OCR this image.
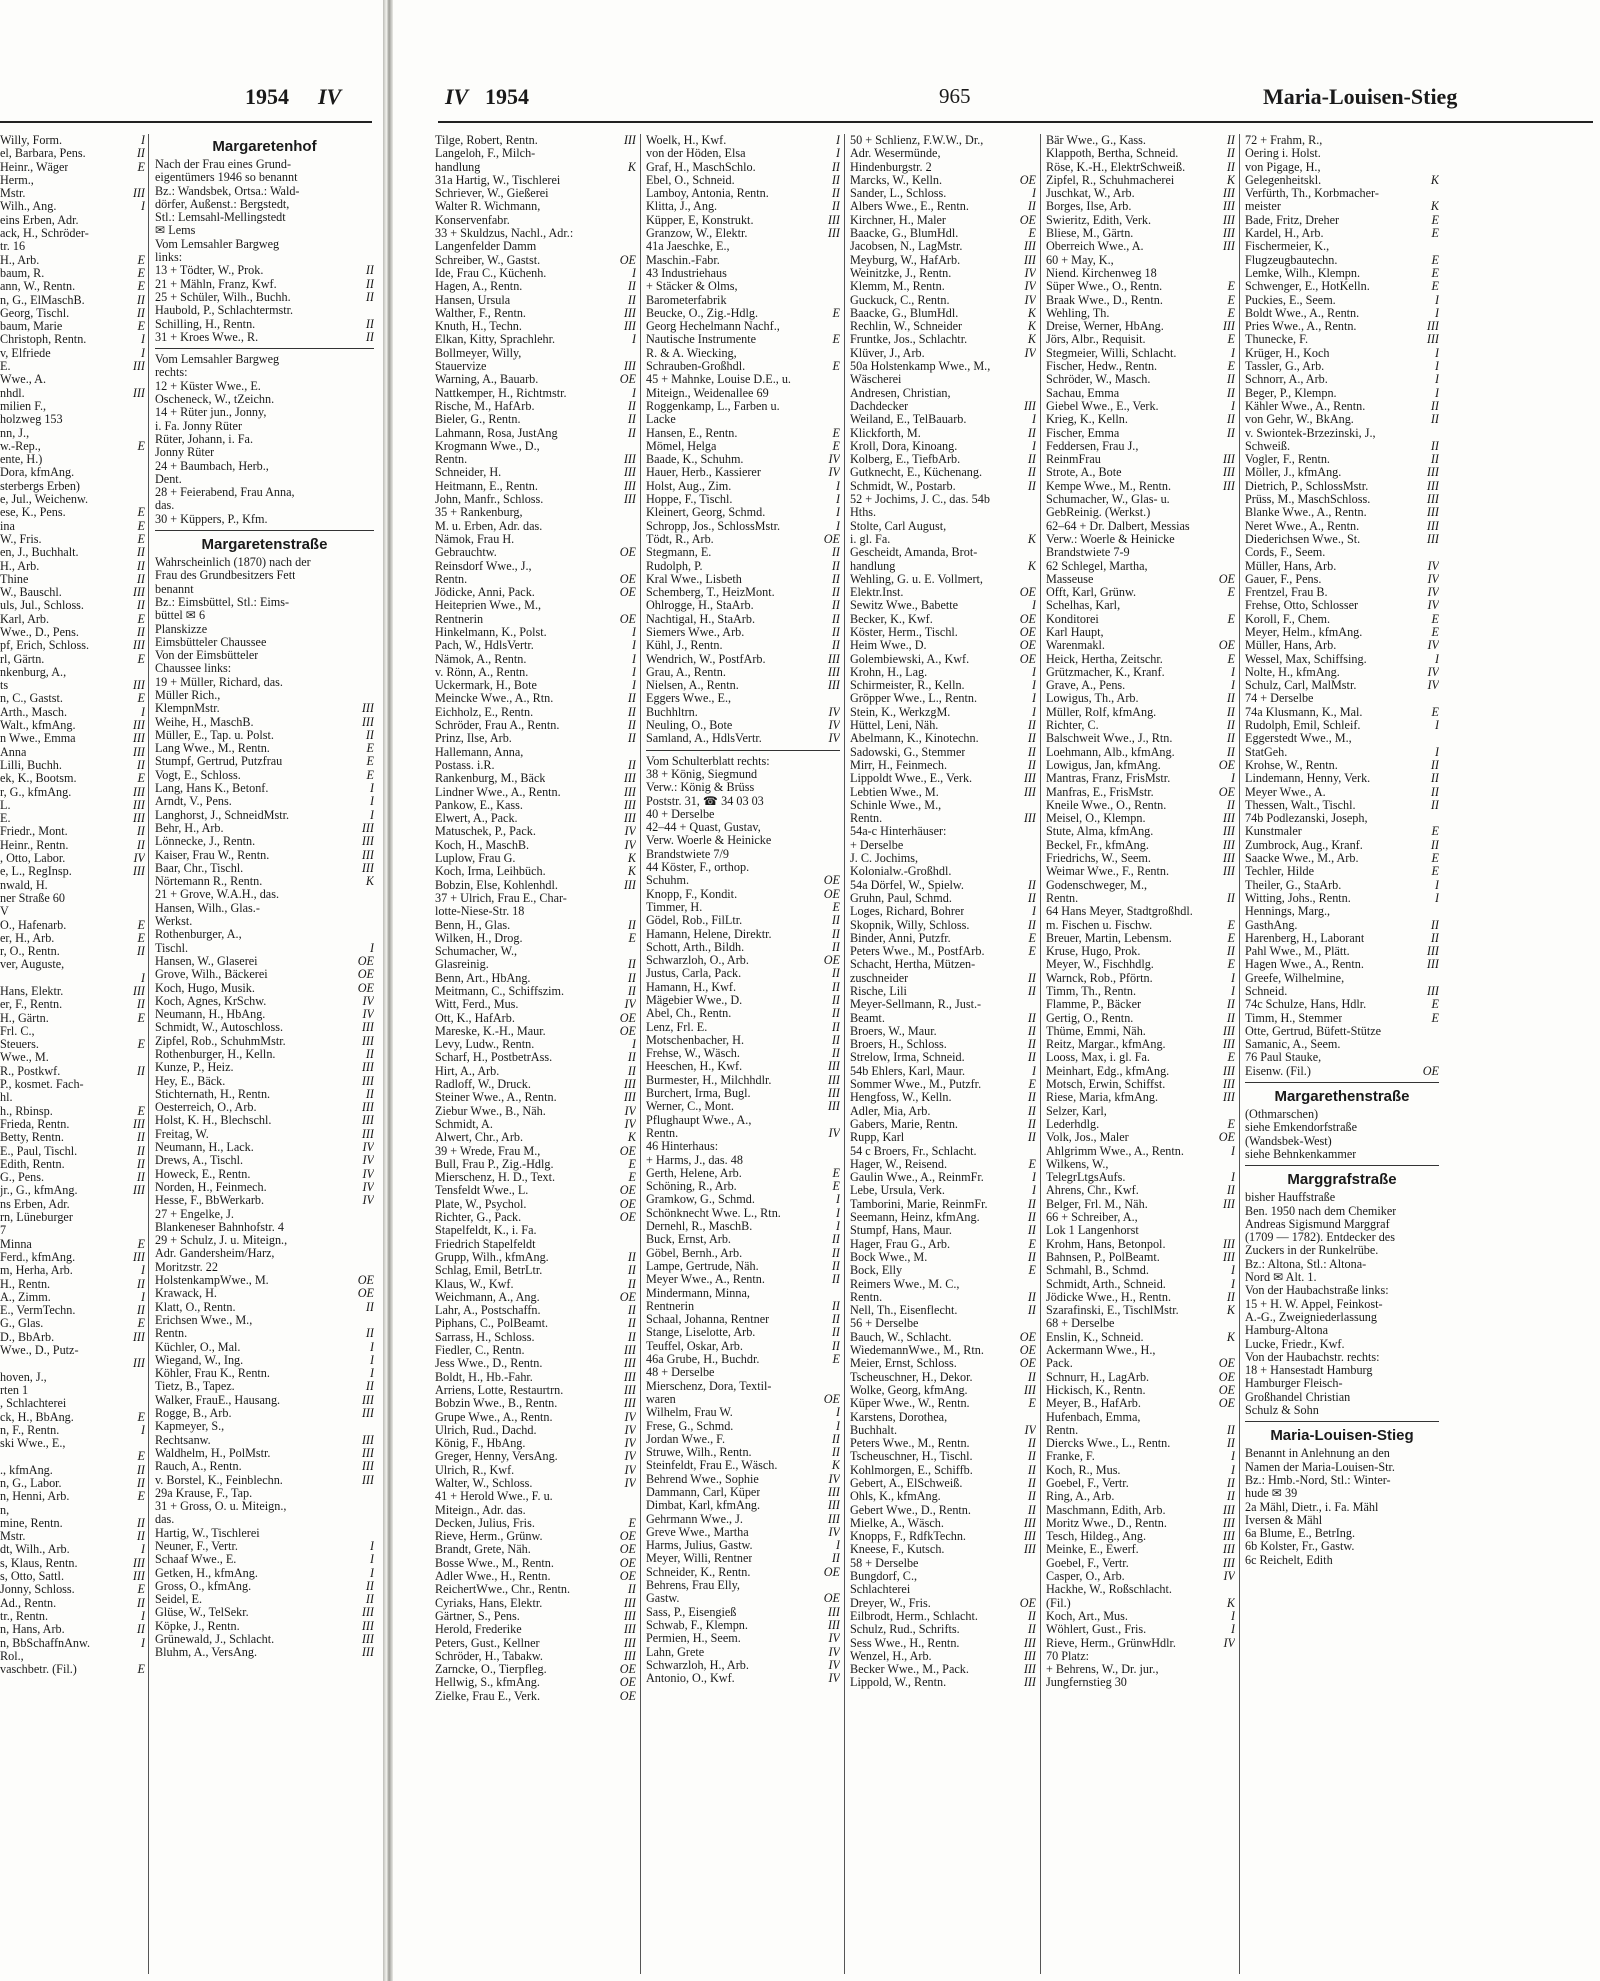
1954 IV
Willy, Form.	I
el, Barbara, Pens.	II
Heinr., Wäger	E
Herm.,
Mstr.	III
Wilh., Ang.	I
eins Erben, Adr.
ack, H., Schröder-
tr. 16
H., Arb.	E
baum, R.	E
ann, W., Rentn.	E
n, G., ElMaschB.	II
Georg, Tischl.	II
baum, Marie	E
Christoph, Rentn.	I
v, Elfriede	I
E.	III
Wwe., A.
nhdl.	III
milien F.,
holzweg 153
nn, J.,
w.-Rep.,	E
ente, H.)
Dora, kfmAng.
sterbergs Erben)
e, Jul., Weichenw.
ese, K., Pens.	E
ina	E
W., Fris.	E
en, J., Buchhalt.	II
H., Arb.	II
Thine	II
W., Bauschl.	III
uls, Jul., Schloss.	II
Karl, Arb.	E
Wwe., D., Pens.	II
pf, Erich, Schloss.	III
rl, Gärtn.	E
nkenburg, A.,
ts	III
n, C., Gastst.	E
Arth., Masch.	I
Walt., kfmAng.	III
n Wwe., Emma	III
Anna	III
Lilli, Buchh.	II
ek, K., Bootsm.	E
r, G., kfmAng.	III
L.	III
E.	III
Friedr., Mont.	II
Heinr., Rentn.	II
, Otto, Labor.	IV
e, L., RegInsp.	III
nwald, H.
ner Straße 60
V
O., Hafenarb.	E
er, H., Arb.	E
r, O., Rentn.	II
ver, Auguste,
I
Hans, Elektr.	III
er, F., Rentn.	II
H., Gärtn.	E
Frl. C.,
Steuers.	E
Wwe., M.
R., Postkwf.	II
P., kosmet. Fach-
hl.
h., Rbinsp.	E
Frieda, Rentn.	III
Betty, Rentn.	II
E., Paul, Tischl.	II
Edith, Rentn.	II
G., Pens.	II
jr., G., kfmAng.	III
ns Erben, Adr.
rn, Lüneburger
7
Minna	E
Ferd., kfmAng.	III
m, Herha, Arb.	I
H., Rentn.	II
A., Zimm.	I
E., VermTechn.	II
G., Glas.	E
D., BbArb.	III
Wwe., D., Putz-
III
hoven, J.,
rten 1
, Schlachterei
ck, H., BbAng.	E
n, F., Rentn.	I
ski Wwe., E.,
E
., kfmAng.	II
n, G., Labor.	II
n, Henni, Arb.	E
n,
mine, Rentn.	II
Mstr.	II
dt, Wilh., Arb.	I
s, Klaus, Rentn.	III
s, Otto, Sattl.	III
Jonny, Schloss.	E
Ad., Rentn.	II
tr., Rentn.	I
n, Hans, Arb.	II
n, BbSchaffnAnw.	I
Rol.,
vaschbetr. (Fil.)	E
Margaretenhof
Nach der Frau eines Grund-
eigentümers 1946 so benannt
Bz.: Wandsbek, Ortsa.: Wald-
dörfer, Außenst.: Bergstedt,
Stl.: Lemsahl-Mellingstedt
✉ Lems
Vom Lemsahler Bargweg
links:
13 + Tödter, W., Prok.	II
21 + Mähln, Franz, Kwf.	II
25 + Schüler, Wilh., Buchh.	II
Haubold, P., Schlachtermstr.
Schilling, H., Rentn.	II
31 + Kroes Wwe., R.	II
Vom Lemsahler Bargweg
rechts:
12 + Küster Wwe., E.
Oscheneck, W., tZeichn.
14 + Rüter jun., Jonny,
i. Fa. Jonny Rüter
Rüter, Johann, i. Fa.
Jonny Rüter
24 + Baumbach, Herb.,
Dent.
28 + Feierabend, Frau Anna,
das.
30 + Küppers, P., Kfm.
Margaretenstraße
Wahrscheinlich (1870) nach der
Frau des Grundbesitzers Fett
benannt
Bz.: Eimsbüttel, Stl.: Eims-
büttel ✉ 6
Planskizze
Eimsbütteler Chaussee
Von der Eimsbütteler
Chaussee links:
19 + Müller, Richard, das.
Müller Rich.,
KlempnMstr.	III
Weihe, H., MaschB.	III
Müller, E., Tap. u. Polst.	II
Lang Wwe., M., Rentn.	E
Stumpf, Gertrud, Putzfrau	E
Vogt, E., Schloss.	E
Lang, Hans K., Betonf.	I
Arndt, V., Pens.	I
Langhorst, J., SchneidMstr.	I
Behr, H., Arb.	III
Lönnecke, J., Rentn.	III
Kaiser, Frau W., Rentn.	III
Baar, Chr., Tischl.	III
Nörtemann R., Rentn.	K
21 + Grove, W.A.H., das.
Hansen, Wilh., Glas.-
Werkst.
Rothenburger, A.,
Tischl.	I
Hansen, W., Glaserei	OE
Grove, Wilh., Bäckerei	OE
Koch, Hugo, Musik.	OE
Koch, Agnes, KrSchw.	IV
Neumann, H., HbAng.	IV
Schmidt, W., Autoschloss.	III
Zipfel, Rob., SchuhmMstr.	III
Rothenburger, H., Kelln.	II
Kunze, P., Heiz.	III
Hey, E., Bäck.	III
Stichternath, H., Rentn.	II
Oesterreich, O., Arb.	III
Holst, K. H., Blechschl.	III
Freitag, W.	III
Neumann, H., Lack.	IV
Drews, A., Tischl.	IV
Howeck, E., Rentn.	IV
Norden, H., Feinmech.	IV
Hesse, F., BbWerkarb.	IV
27 + Engelke, J.
Blankeneser Bahnhofstr. 4
29 + Schulz, J. u. Miteign.,
Adr. Gandersheim/Harz,
Moritzstr. 22
HolstenkampWwe., M.	OE
Krawack, H.	OE
Klatt, O., Rentn.	II
Erichsen Wwe., M.,
Rentn.	II
Küchler, O., Mal.	I
Wiegand, W., Ing.	I
Köhler, Frau K., Rentn.	I
Tietz, B., Tapez.	II
Walker, FrauE., Hausang.	III
Rogge, B., Arb.	III
Kapmeyer, S.,
Rechtsanw.	III
Waldhelm, H., PolMstr.	III
Rauch, A., Rentn.	III
v. Borstel, K., Feinblechn.	III
29a Krause, F., Tap.
31 + Gross, O. u. Miteign.,
das.
Hartig, W., Tischlerei
Neuner, F., Vertr.	I
Schaaf Wwe., E.	I
Getken, H., kfmAng.	I
Gross, O., kfmAng.	II
Seidel, E.	II
Glüse, W., TelSekr.	III
Köpke, J., Rentn.	III
Grünewald, J., Schlacht.	III
Bluhm, A., VersAng.	III
IV 1954	965	Maria-Louisen-Stieg
Tilge, Robert, Rentn.	III
Langeloh, F., Milch-
handlung	K
31a Hartig, W., Tischlerei
Schriever, W., Gießerei
Walter R. Wichmann,
Konservenfabr.
33 + Skuldzus, Nachl., Adr.:
Langenfelder Damm
Schreiber, W., Gastst.	OE
Ide, Frau C., Küchenh.	I
Hagen, A., Rentn.	II
Hansen, Ursula	II
Walther, F., Rentn.	III
Knuth, H., Techn.	III
Elkan, Kitty, Sprachlehr.	I
Bollmeyer, Willy,
Stauervize	III
Warning, A., Bauarb.	OE
Nattkemper, H., Richtmstr.	I
Rische, M., HafArb.	II
Bieler, G., Rentn.	II
Lahmann, Rosa, JustAng	II
Krogmann Wwe., D.,
Rentn.	III
Schneider, H.	III
Heitmann, E., Rentn.	III
John, Manfr., Schloss.	III
35 + Rankenburg,
M. u. Erben, Adr. das.
Nämok, Frau H.
Gebrauchtw.	OE
Reinsdorf Wwe., J.,
Rentn.	OE
Jödicke, Anni, Pack.	OE
Heiteprien Wwe., M.,
Rentnerin	OE
Hinkelmann, K., Polst.	I
Pach, W., HdlsVertr.	I
Nämok, A., Rentn.	I
v. Rönn, A., Rentn.	I
Uckermark, H., Bote	I
Meincke Wwe., A., Rtn.	II
Eichholz, E., Rentn.	II
Schröder, Frau A., Rentn.	II
Prinz, Ilse, Arb.	II
Hallemann, Anna,
Postass. i.R.	II
Rankenburg, M., Bäck	III
Lindner Wwe., A., Rentn.	III
Pankow, E., Kass.	III
Elwert, A., Pack.	III
Matuschek, P., Pack.	IV
Koch, H., MaschB.	IV
Luplow, Frau G.	K
Koch, Irma, Leihbüch.	K
Bobzin, Else, Kohlenhdl.	III
37 + Ulrich, Frau E., Char-
lotte-Niese-Str. 18
Benn, H., Glas.	II
Wilken, H., Drog.	E
Schumacher, W.,
Glasreinig.	II
Benn, Art., HbAng.	II
Meitmann, C., Schiffszim.	II
Witt, Ferd., Mus.	IV
Ott, K., HafArb.	OE
Mareske, K.-H., Maur.	OE
Levy, Ludw., Rentn.	I
Scharf, H., PostbetrAss.	II
Hirt, A., Arb.	II
Radloff, W., Druck.	III
Steiner Wwe., A., Rentn.	III
Ziebur Wwe., B., Näh.	IV
Schmidt, A.	IV
Alwert, Chr., Arb.	K
39 + Wrede, Frau M.,	OE
Bull, Frau P., Zig.-Hdlg.	E
Mierschenz, H. D., Text.	E
Tensfeldt Wwe., L.	OE
Plate, W., Psychol.	OE
Richter, G., Pack.	OE
Stapelfeldt, K., i. Fa.
Friedrich Stapelfeldt
Grupp, Wilh., kfmAng.	II
Schlag, Emil, BetrLtr.	II
Klaus, W., Kwf.	II
Weichmann, A., Ang.	OE
Lahr, A., Postschaffn.	II
Piphans, C., PolBeamt.	II
Sarrass, H., Schloss.	II
Fiedler, C., Rentn.	III
Jess Wwe., D., Rentn.	III
Boldt, H., Hb.-Fahr.	III
Arriens, Lotte, Restaurtrn.	III
Bobzin Wwe., B., Rentn.	III
Grupe Wwe., A., Rentn.	IV
Ulrich, Rud., Dachd.	IV
König, F., HbAng.	IV
Greger, Henny, VersAng.	IV
Ulrich, R., Kwf.	IV
Walter, W., Schloss.	IV
41 + Herold Wwe., F. u.
Miteign., Adr. das.
Decken, Julius, Fris.	E
Rieve, Herm., Grünw.	OE
Brandt, Grete, Näh.	OE
Bosse Wwe., M., Rentn.	OE
Adler Wwe., H., Rentn.	OE
ReichertWwe., Chr., Rentn.	II
Cyriaks, Hans, Elektr.	III
Gärtner, S., Pens.	III
Herold, Frederike	III
Peters, Gust., Kellner	III
Schröder, H., Tabakw.	III
Zarncke, O., Tierpfleg.	OE
Hellwig, S., kfmAng.	OE
Zielke, Frau E., Verk.	OE
Woelk, H., Kwf.	I
von der Höden, Elsa	I
Graf, H., MaschSchlo.	II
Ebel, O., Schneid.	II
Lamboy, Antonia, Rentn.	II
Klitta, J., Ang.	II
Küpper, E, Konstrukt.	III
Granzow, W., Elektr.	III
41a Jaeschke, E.,
Maschin.-Fabr.
43 Industriehaus
+ Stäcker & Olms,
Barometerfabrik
Beucke, O., Zig.-Hdlg.	E
Georg Hechelmann Nachf.,
Nautische Instrumente	E
R. & A. Wiecking,
Schrauben-Großhdl.	E
45 + Mahnke, Louise D.E., u.
Miteign., Weidenallee 69
Roggenkamp, L., Farben u.
Lacke
Hansen, E., Rentn.	E
Mömel, Helga	E
Baade, K., Schuhm.	IV
Hauer, Herb., Kassierer	IV
Holst, Aug., Zim.	I
Hoppe, F., Tischl.	I
Kleinert, Georg, Schmd.	I
Schropp, Jos., SchlossMstr.	I
Tödt, R., Arb.	OE
Stegmann, E.	II
Rudolph, P.	II
Kral Wwe., Lisbeth	II
Schemberg, T., HeizMont.	II
Ohlrogge, H., StaArb.	II
Nachtigal, H., StaArb.	II
Siemers Wwe., Arb.	II
Kühl, J., Rentn.	II
Wendrich, W., PostfArb.	III
Grau, A., Rentn.	III
Nielsen, A., Rentn.	III
Eggers Wwe., E.,
Buchhltrn.	IV
Neuling, O., Bote	IV
Samland, A., HdlsVertr.	IV
Vom Schulterblatt rechts:
38 + König, Siegmund
Verw.: König & Brüss
Poststr. 31, ☎ 34 03 03
40 + Derselbe
42–44 + Quast, Gustav,
Verw. Woerle & Heinicke
Brandstwiete 7/9
44 Köster, F., orthop.
Schuhm.	OE
Knopp, F., Kondit.	OE
Timmer, H.	E
Gödel, Rob., FilLtr.	II
Hamann, Helene, Direktr.	II
Schott, Arth., Bildh.	II
Schwarzloh, O., Arb.	OE
Justus, Carla, Pack.	II
Hamann, H., Kwf.	II
Mägebier Wwe., D.	II
Abel, Ch., Rentn.	II
Lenz, Frl. E.	II
Motschenbacher, H.	II
Frehse, W., Wäsch.	II
Heeschen, H., Kwf.	III
Burmester, H., Milchhdlr.	III
Burchert, Irma, Bugl.	III
Werner, C., Mont.	III
Pflughaupt Wwe., A.,
Rentn.	IV
46 Hinterhaus:
+ Harms, J., das. 48
Gerth, Helene, Arb.	E
Schöning, R., Arb.	E
Gramkow, G., Schmd.	I
Schönknecht Wwe. L., Rtn.	I
Dernehl, R., MaschB.	I
Buck, Ernst, Arb.	II
Göbel, Bernh., Arb.	II
Lampe, Gertrude, Näh.	II
Meyer Wwe., A., Rentn.	II
Mindermann, Minna,
Rentnerin	II
Schaal, Johanna, Rentner	II
Stange, Liselotte, Arb.	II
Teuffel, Oskar, Arb.	II
46a Grube, H., Buchdr.	E
48 + Derselbe
Mierschenz, Dora, Textil-
waren	OE
Wilhelm, Frau W.	I
Frese, G., Schmd.	I
Jordan Wwe., F.	II
Struwe, Wilh., Rentn.	II
Steinfeldt, Frau E., Wäsch.	K
Behrend Wwe., Sophie	IV
Dammann, Carl, Küper	III
Dimbat, Karl, kfmAng.	III
Gehrmann Wwe., J.	III
Greve Wwe., Martha	IV
Harms, Julius, Gastw.	I
Meyer, Willi, Rentner	II
Schneider, K., Rentn.	OE
Behrens, Frau Elly,
Gastw.	OE
Sass, P., Eisengieß	III
Schwab, F., Klempn.	III
Permien, H., Seem.	IV
Lahn, Grete	IV
Schwarzloh, H., Arb.	IV
Antonio, O., Kwf.	IV
50 + Schlienz, F.W.W., Dr.,
Adr. Wesermünde,
Hindenburgstr. 2
Marcks, W., Kelln.	OE
Sander, L., Schloss.	I
Albers Wwe., E., Rentn.	II
Kirchner, H., Maler	OE
Baacke, G., BlumHdl.	E
Jacobsen, N., LagMstr.	III
Meyburg, W., HafArb.	III
Weinitzke, J., Rentn.	IV
Klemm, M., Rentn.	IV
Guckuck, C., Rentn.	IV
Baacke, G., BlumHdl.	K
Rechlin, W., Schneider	K
Fruntke, Jos., Schlachtr.	K
Klüver, J., Arb.	IV
50a Holstenkamp Wwe., M.,
Wäscherei
Andresen, Christian,
Dachdecker	III
Weiland, E., TelBauarb.	I
Klickforth, M.	II
Kroll, Dora, Kinoang.	I
Kolberg, E., TiefbArb.	II
Gutknecht, E., Küchenang.	II
Schmidt, W., Postarb.	II
52 + Jochims, J. C., das. 54b
Hths.
Stolte, Carl August,
i. gl. Fa.	K
Gescheidt, Amanda, Brot-
handlung	K
Wehling, G. u. E. Vollmert,
Elektr.Inst.	OE
Sewitz Wwe., Babette	I
Becker, K., Kwf.	OE
Köster, Herm., Tischl.	OE
Heim Wwe., D.	OE
Golembiewski, A., Kwf.	OE
Krohn, H., Lag.	I
Schirmeister, R., Kelln.	I
Gröpper Wwe., L., Rentn.	I
Stein, K., WerkzgM.	I
Hüttel, Leni, Näh.	II
Abelmann, K., Kinotechn.	II
Sadowski, G., Stemmer	II
Mirr, H., Feinmech.	II
Lippoldt Wwe., E., Verk.	III
Lebtien Wwe., M.	III
Schinle Wwe., M.,
Rentn.	III
54a-c Hinterhäuser:
+ Derselbe
J. C. Jochims,
Kolonialw.-Großhdl.
54a Dörfel, W., Spielw.	II
Gruhn, Paul, Schmd.	II
Loges, Richard, Bohrer	I
Skopnik, Willy, Schloss.	II
Binder, Anni, Putzfr.	E
Peters Wwe., M., PostfArb.	E
Schacht, Hertha, Mützen-
zuschneider	II
Rische, Lili	II
Meyer-Sellmann, R., Just.-
Beamt.	II
Broers, W., Maur.	II
Broers, H., Schloss.	II
Strelow, Irma, Schneid.	II
54b Ehlers, Karl, Maur.	I
Sommer Wwe., M., Putzfr.	E
Hengfoss, W., Kelln.	II
Adler, Mia, Arb.	II
Gabers, Marie, Rentn.	II
Rupp, Karl	II
54 c Broers, Fr., Schlacht.
Hager, W., Reisend.	E
Gaulin Wwe., A., ReinmFr.	I
Lebe, Ursula, Verk.	I
Tamborini, Marie, ReinmFr.	II
Seemann, Heinz, kfmAng.	II
Stumpf, Hans, Maur.	II
Hager, Frau G., Arb.	E
Bock Wwe., M.	II
Bock, Elly	E
Reimers Wwe., M. C.,
Rentn.	II
Nell, Th., Eisenflecht.	II
56 + Derselbe
Bauch, W., Schlacht.	OE
WiedemannWwe., M., Rtn.	OE
Meier, Ernst, Schloss.	OE
Tscheuschner, H., Dekor.	II
Wolke, Georg, kfmAng.	III
Küper Wwe., W., Rentn.	E
Karstens, Dorothea,
Buchhalt.	IV
Peters Wwe., M., Rentn.	II
Tscheuschner, H., Tischl.	II
Kohlmorgen, E., Schiffb.	II
Gebert, A., ElSchweiß.	II
Ohls, K., kfmAng.	II
Gebert Wwe., D., Rentn.	II
Mielke, A., Wäsch.	III
Knopps, F., RdfkTechn.	III
Kneese, F., Kutsch.	III
58 + Derselbe
Bungdorf, C.,
Schlachterei
Dreyer, W., Fris.	OE
Eilbrodt, Herm., Schlacht.	II
Schulz, Rud., Schrifts.	II
Sess Wwe., H., Rentn.	III
Wenzel, H., Arb.	III
Becker Wwe., M., Pack.	III
Lippold, W., Rentn.	III
Bär Wwe., G., Kass.	II
Klappoth, Bertha, Schneid.	II
Röse, K.-H., ElektrSchweiß.	II
Zipfel, R., Schuhmacherei	K
Juschkat, W., Arb.	III
Borges, Ilse, Arb.	III
Swieritz, Edith, Verk.	III
Bliese, M., Gärtn.	III
Oberreich Wwe., A.	III
60 + May, K.,
Niend. Kirchenweg 18
Süper Wwe., O., Rentn.	E
Braak Wwe., D., Rentn.	E
Wehling, Th.	E
Dreise, Werner, HbAng.	III
Jörs, Albr., Requisit.	E
Stegmeier, Willi, Schlacht.	I
Fischer, Hedw., Rentn.	E
Schröder, W., Masch.	II
Sachau, Emma	II
Giebel Wwe., E., Verk.	I
Krieg, K., Kelln.	II
Fischer, Emma	II
Feddersen, Frau J.,
ReinmFrau	III
Strote, A., Bote	III
Kempe Wwe., M., Rentn.	III
Schumacher, W., Glas- u.
GebReinig. (Werkst.)
62–64 + Dr. Dalbert, Messias
Verw.: Woerle & Heinicke
Brandstwiete 7-9
62 Schlegel, Martha,
Masseuse	OE
Offt, Karl, Grünw.	E
Schelhas, Karl,
Konditorei	E
Karl Haupt,
Warenmakl.	OE
Heick, Hertha, Zeitschr.	E
Grützmacher, K., Kranf.	I
Grave, A., Pens.	I
Lowigus, Th., Arb.	II
Müller, Rolf, kfmAng.	II
Richter, C.	II
Balschweit Wwe., J., Rtn.	II
Loehmann, Alb., kfmAng.	II
Lowigus, Jan, kfmAng.	OE
Mantras, Franz, FrisMstr.	I
Manfras, E., FrisMstr.	OE
Kneile Wwe., O., Rentn.	II
Meisel, O., Klempn.	III
Stute, Alma, kfmAng.	III
Beckel, Fr., kfmAng.	III
Friedrichs, W., Seem.	III
Weimar Wwe., F., Rentn.	III
Godenschweger, M.,
Rentn.	II
64 Hans Meyer, Stadtgroßhdl.
m. Fischen u. Fischw.	E
Breuer, Martin, Lebensm.	E
Kruse, Hugo, Prok.	II
Meyer, W., Fischhdlg.	E
Warnck, Rob., Pförtn.	I
Timm, Th., Rentn.	I
Flamme, P., Bäcker	II
Gertig, O., Rentn.	II
Thüme, Emmi, Näh.	III
Reitz, Margar., kfmAng.	III
Looss, Max, i. gl. Fa.	E
Meinhart, Edg., kfmAng.	III
Motsch, Erwin, Schiffst.	III
Riese, Maria, kfmAng.	III
Selzer, Karl,
Lederhdlg.	E
Volk, Jos., Maler	OE
Ahlgrimm Wwe., A., Rentn.	I
Wilkens, W.,
TelegrLtgsAufs.	I
Ahrens, Chr., Kwf.	II
Belger, Frl. M., Näh.	III
66 + Schreiber, A.,
Lok 1 Langenhorst
Krohm, Hans, Betonpol.	III
Bahnsen, P., PolBeamt.	III
Schmahl, B., Schmd.	I
Schmidt, Arth., Schneid.	I
Jödicke Wwe., H., Rentn.	II
Szarafinski, E., TischlMstr.	K
68 + Derselbe
Enslin, K., Schneid.	K
Ackermann Wwe., H.,
Pack.	OE
Schnurr, H., LagArb.	OE
Hickisch, K., Rentn.	OE
Meyer, B., HafArb.	OE
Hufenbach, Emma,
Rentn.	II
Diercks Wwe., L., Rentn.	II
Franke, F.	I
Koch, R., Mus.	I
Goebel, F., Vertr.	II
Ring, A., Arb.	II
Maschmann, Edith, Arb.	III
Moritz Wwe., D., Rentn.	III
Tesch, Hildeg., Ang.	III
Meinke, E., Ewerf.	III
Goebel, F., Vertr.	III
Casper, O., Arb.	IV
Hackhe, W., Roßschlacht.
(Fil.)	K
Koch, Art., Mus.	I
Wöhlert, Gust., Fris.	I
Rieve, Herm., GrünwHdlr.	IV
70 Platz:
+ Behrens, W., Dr. jur.,
Jungfernstieg 30
72 + Frahm, R.,
Oering i. Holst.
von Pigage, H.,
Gelegenheitskl.	K
Verfürth, Th., Korbmacher-
meister	K
Bade, Fritz, Dreher	E
Kardel, H., Arb.	E
Fischermeier, K.,
Flugzeugbautechn.	E
Lemke, Wilh., Klempn.	E
Schwenger, E., HotKelln.	E
Puckies, E., Seem.	I
Boldt Wwe., A., Rentn.	I
Pries Wwe., A., Rentn.	III
Thunecke, F.	III
Krüger, H., Koch	I
Tassler, G., Arb.	I
Schnorr, A., Arb.	I
Beger, P., Klempn.	I
Kähler Wwe., A., Rentn.	II
von Gehr, W., BkAng.	II
v. Swiontek-Brzezinski, J.,
Schweiß.	II
Vogler, F., Rentn.	II
Möller, J., kfmAng.	III
Dietrich, P., SchlossMstr.	III
Prüss, M., MaschSchloss.	III
Blanke Wwe., A., Rentn.	III
Neret Wwe., A., Rentn.	III
Diederichsen Wwe., St.	III
Cords, F., Seem.
Müller, Hans, Arb.	IV
Gauer, F., Pens.	IV
Frentzel, Frau B.	IV
Frehse, Otto, Schlosser	IV
Koroll, F., Chem.	E
Meyer, Helm., kfmAng.	E
Müller, Hans, Arb.	IV
Wessel, Max, Schiffsing.	I
Nolte, H., kfmAng.	IV
Schulz, Carl, MalMstr.	IV
74 + Derselbe
74a Klusmann, K., Mal.	E
Rudolph, Emil, Schleif.	I
Eggerstedt Wwe., M.,
StatGeh.	I
Krohse, W., Rentn.	II
Lindemann, Henny, Verk.	II
Meyer Wwe., A.	II
Thessen, Walt., Tischl.	II
74b Podlezanski, Joseph,
Kunstmaler	E
Zumbrock, Aug., Kranf.	II
Saacke Wwe., M., Arb.	E
Techler, Hilde	E
Theiler, G., StaArb.	I
Witting, Johs., Rentn.	I
Hennings, Marg.,
GasthAng.	II
Harenberg, H., Laborant	II
Pahl Wwe., M., Plätt.	III
Hagen Wwe., A., Rentn.	III
Greefe, Wilhelmine,
Schneid.	III
74c Schulze, Hans, Hdlr.	E
Timm, H., Stemmer	E
Otte, Gertrud, Büfett-Stütze
Samanic, A., Seem.
76 Paul Stauke,
Eisenw. (Fil.)	OE
Margarethenstraße
(Othmarschen)
siehe Emkendorfstraße
(Wandsbek-West)
siehe Behnkenkammer
Marggrafstraße
bisher Hauffstraße
Ben. 1950 nach dem Chemiker
Andreas Sigismund Marggraf
(1709 — 1782). Entdecker des
Zuckers in der Runkelrübe.
Bz.: Altona, Stl.: Altona-
Nord ✉ Alt. 1.
Von der Haubachstraße links:
15 + H. W. Appel, Feinkost-
A.-G., Zweigniederlassung
Hamburg-Altona
Lucke, Friedr., Kwf.
Von der Haubachstr. rechts:
18 + Hansestadt Hamburg
Hamburger Fleisch-
Großhandel Christian
Schulz & Sohn
Maria-Louisen-Stieg
Benannt in Anlehnung an den
Namen der Maria-Louisen-Str.
Bz.: Hmb.-Nord, Stl.: Winter-
hude ✉ 39
2a Mähl, Dietr., i. Fa. Mähl
Iversen & Mähl
6a Blume, E., BetrIng.
6b Kolster, Fr., Gastw.
6c Reichelt, Edith
